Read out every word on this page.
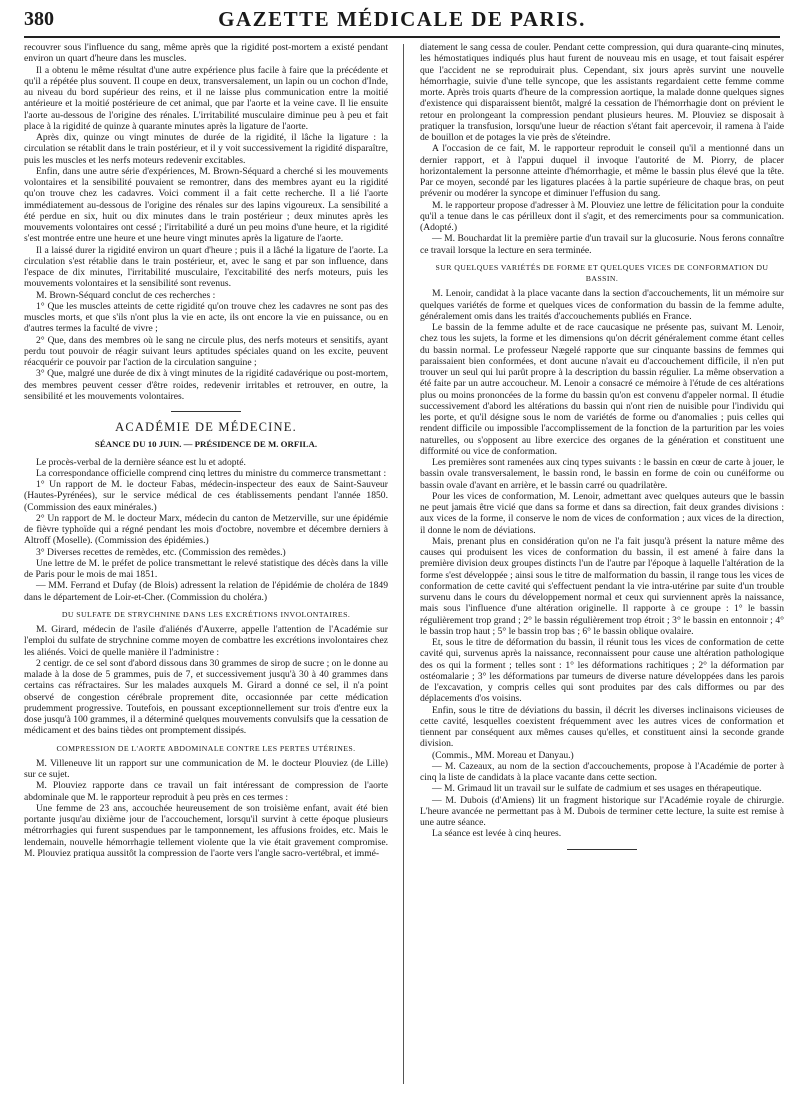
380	GAZETTE MÉDICALE DE PARIS.

recouvrer sous l'influence du sang, même après que la rigidité post-mortem a existé pendant environ un quart d'heure dans les muscles.

Il a obtenu le même résultat d'une autre expérience plus facile à faire que la précédente et qu'il a répétée plus souvent. Il coupe en deux, transversalement, un lapin ou un cochon d'Inde, au niveau du bord supérieur des reins, et il ne laisse plus communication entre la moitié antérieure et la moitié postérieure de cet animal, que par l'aorte et la veine cave. Il lie ensuite l'aorte au-dessous de l'origine des rénales. L'irritabilité musculaire diminue peu à peu et fait place à la rigidité de quinze à quarante minutes après la ligature de l'aorte.

Après dix, quinze ou vingt minutes de durée de la rigidité, il lâche la ligature : la circulation se rétablit dans le train postérieur, et il y voit successivement la rigidité disparaître, puis les muscles et les nerfs moteurs redevenir excitables.

Enfin, dans une autre série d'expériences, M. Brown-Séquard a cherché si les mouvements volontaires et la sensibilité pouvaient se remontrer, dans des membres ayant eu la rigidité qu'on trouve chez les cadavres. Voici comment il a fait cette recherche. Il a lié l'aorte immédiatement au-dessous de l'origine des rénales sur des lapins vigoureux. La sensibilité a été perdue en six, huit ou dix minutes dans le train postérieur ; deux minutes après les mouvements volontaires ont cessé ; l'irritabilité a duré un peu moins d'une heure, et la rigidité s'est montrée entre une heure et une heure vingt minutes après la ligature de l'aorte.

Il a laissé durer la rigidité environ un quart d'heure ; puis il a lâché la ligature de l'aorte. La circulation s'est rétablie dans le train postérieur, et, avec le sang et par son influence, dans l'espace de dix minutes, l'irritabilité musculaire, l'excitabilité des nerfs moteurs, puis les mouvements volontaires et la sensibilité sont revenus.

M. Brown-Séquard conclut de ces recherches :

1° Que les muscles atteints de cette rigidité qu'on trouve chez les cadavres ne sont pas des muscles morts, et que s'ils n'ont plus la vie en acte, ils ont encore la vie en puissance, ou en d'autres termes la faculté de vivre ;

2° Que, dans des membres où le sang ne circule plus, des nerfs moteurs et sensitifs, ayant perdu tout pouvoir de réagir suivant leurs aptitudes spéciales quand on les excite, peuvent réacquérir ce pouvoir par l'action de la circulation sanguine ;

3° Que, malgré une durée de dix à vingt minutes de la rigidité cadavérique ou post-mortem, des membres peuvent cesser d'être roides, redevenir irritables et retrouver, en outre, la sensibilité et les mouvements volontaires.

ACADÉMIE DE MÉDECINE.

SÉANCE DU 10 JUIN. — PRÉSIDENCE DE M. ORFILA.

Le procès-verbal de la dernière séance est lu et adopté.

La correspondance officielle comprend cinq lettres du ministre du commerce transmettant :

1° Un rapport de M. le docteur Fabas, médecin-inspecteur des eaux de Saint-Sauveur (Hautes-Pyrénées), sur le service médical de ces établissements pendant l'année 1850. (Commission des eaux minérales.)

2° Un rapport de M. le docteur Marx, médecin du canton de Metzerville, sur une épidémie de fièvre typhoïde qui a régné pendant les mois d'octobre, novembre et décembre derniers à Altroff (Moselle). (Commission des épidémies.)

3° Diverses recettes de remèdes, etc. (Commission des remèdes.)

Une lettre de M. le préfet de police transmettant le relevé statistique des décès dans la ville de Paris pour le mois de mai 1851.

— MM. Ferrand et Dufay (de Blois) adressent la relation de l'épidémie de choléra de 1849 dans le département de Loir-et-Cher. (Commission du choléra.)

DU SULFATE DE STRYCHNINE DANS LES EXCRÉTIONS INVOLONTAIRES.

M. Girard, médecin de l'asile d'aliénés d'Auxerre, appelle l'attention de l'Académie sur l'emploi du sulfate de strychnine comme moyen de combattre les excrétions involontaires chez les aliénés. Voici de quelle manière il l'administre :

2 centigr. de ce sel sont d'abord dissous dans 30 grammes de sirop de sucre ; on le donne au malade à la dose de 5 grammes, puis de 7, et successivement jusqu'à 30 à 40 grammes dans certains cas réfractaires. Sur les malades auxquels M. Girard a donné ce sel, il n'a point observé de congestion cérébrale proprement dite, occasionnée par cette médication prudemment progressive. Toutefois, en poussant exceptionnellement sur trois d'entre eux la dose jusqu'à 100 grammes, il a déterminé quelques mouvements convulsifs que la cessation de médicament et des bains tièdes ont promptement dissipés.

COMPRESSION DE L'AORTE ABDOMINALE CONTRE LES PERTES UTÉRINES.

M. Villeneuve lit un rapport sur une communication de M. le docteur Plouviez (de Lille) sur ce sujet.

M. Plouviez rapporte dans ce travail un fait intéressant de compression de l'aorte abdominale que M. le rapporteur reproduit à peu près en ces termes :

Une femme de 23 ans, accouchée heureusement de son troisième enfant, avait été bien portante jusqu'au dixième jour de l'accouchement, lorsqu'il survint à cette époque plusieurs métrorrhagies qui furent suspendues par le tamponnement, les affusions froides, etc. Mais le lendemain, nouvelle hémorrhagie tellement violente que la vie était gravement compromise. M. Plouviez pratiqua aussitôt la compression de l'aorte vers l'angle sacro-vertébral, et immé-

diatement le sang cessa de couler. Pendant cette compression, qui dura quarante-cinq minutes, les hémostatiques indiqués plus haut furent de nouveau mis en usage, et tout faisait espérer que l'accident ne se reproduirait plus. Cependant, six jours après survint une nouvelle hémorrhagie, suivie d'une telle syncope, que les assistants regardaient cette femme comme morte. Après trois quarts d'heure de la compression aortique, la malade donne quelques signes d'existence qui disparaissent bientôt, malgré la cessation de l'hémorrhagie dont on prévient le retour en prolongeant la compression pendant plusieurs heures. M. Plouviez se disposait à pratiquer la transfusion, lorsqu'une lueur de réaction s'étant fait apercevoir, il ramena à l'aide de bouillon et de potages la vie près de s'éteindre.

A l'occasion de ce fait, M. le rapporteur reproduit le conseil qu'il a mentionné dans un dernier rapport, et à l'appui duquel il invoque l'autorité de M. Piorry, de placer horizontalement la personne atteinte d'hémorrhagie, et même le bassin plus élevé que la tête. Par ce moyen, secondé par les ligatures placées à la partie supérieure de chaque bras, on peut prévenir ou modérer la syncope et diminuer l'effusion du sang.

M. le rapporteur propose d'adresser à M. Plouviez une lettre de félicitation pour la conduite qu'il a tenue dans le cas périlleux dont il s'agit, et des remerciments pour sa communication. (Adopté.)

— M. Bouchardat lit la première partie d'un travail sur la glucosurie. Nous ferons connaître ce travail lorsque la lecture en sera terminée.

SUR QUELQUES VARIÉTÉS DE FORME ET QUELQUES VICES DE CONFORMATION DU BASSIN.

M. Lenoir, candidat à la place vacante dans la section d'accouchements, lit un mémoire sur quelques variétés de forme et quelques vices de conformation du bassin de la femme adulte, généralement omis dans les traités d'accouchements publiés en France.

Le bassin de la femme adulte et de race caucasique ne présente pas, suivant M. Lenoir, chez tous les sujets, la forme et les dimensions qu'on décrit généralement comme étant celles du bassin normal. Le professeur Nægelé rapporte que sur cinquante bassins de femmes qui paraissaient bien conformées, et dont aucune n'avait eu d'accouchement difficile, il n'en put trouver un seul qui lui parût propre à la description du bassin régulier. La même observation a été faite par un autre accoucheur. M. Lenoir a consacré ce mémoire à l'étude de ces altérations plus ou moins prononcées de la forme du bassin qu'on est convenu d'appeler normal. Il étudie successivement d'abord les altérations du bassin qui n'ont rien de nuisible pour l'individu qui les porte, et qu'il désigne sous le nom de variétés de forme ou d'anomalies ; puis celles qui rendent difficile ou impossible l'accomplissement de la fonction de la parturition par les voies naturelles, ou s'opposent au libre exercice des organes de la génération et constituent une difformité ou vice de conformation.

Les premières sont ramenées aux cinq types suivants : le bassin en cœur de carte à jouer, le bassin ovale transversalement, le bassin rond, le bassin en forme de coin ou cunéiforme ou bassin ovale d'avant en arrière, et le bassin carré ou quadrilatère.

Pour les vices de conformation, M. Lenoir, admettant avec quelques auteurs que le bassin ne peut jamais être vicié que dans sa forme et dans sa direction, fait deux grandes divisions : aux vices de la forme, il conserve le nom de vices de conformation ; aux vices de la direction, il donne le nom de déviations.

Mais, prenant plus en considération qu'on ne l'a fait jusqu'à présent la nature même des causes qui produisent les vices de conformation du bassin, il est amené à faire dans la première division deux groupes distincts l'un de l'autre par l'époque à laquelle l'altération de la forme s'est développée ; ainsi sous le titre de malformation du bassin, il range tous les vices de conformation de cette cavité qui s'effectuent pendant la vie intra-utérine par suite d'un trouble survenu dans le cours du développement normal et ceux qui surviennent après la naissance, mais sous l'influence d'une altération originelle. Il rapporte à ce groupe : 1° le bassin régulièrement trop grand ; 2° le bassin régulièrement trop étroit ; 3° le bassin en entonnoir ; 4° le bassin trop haut ; 5° le bassin trop bas ; 6° le bassin oblique ovalaire.

Et, sous le titre de déformation du bassin, il réunit tous les vices de conformation de cette cavité qui, survenus après la naissance, reconnaissent pour cause une altération pathologique des os qui la forment ; telles sont : 1° les déformations rachitiques ; 2° la déformation par ostéomalarie ; 3° les déformations par tumeurs de diverse nature développées dans les parois de l'excavation, y compris celles qui sont produites par des cals difformes ou par des déplacements d'os voisins.

Enfin, sous le titre de déviations du bassin, il décrit les diverses inclinaisons vicieuses de cette cavité, lesquelles coexistent fréquemment avec les autres vices de conformation et tiennent par conséquent aux mêmes causes qu'elles, et constituent ainsi la seconde grande division.

(Commis., MM. Moreau et Danyau.)

— M. Cazeaux, au nom de la section d'accouchements, propose à l'Académie de porter à cinq la liste de candidats à la place vacante dans cette section.

— M. Grimaud lit un travail sur le sulfate de cadmium et ses usages en thérapeutique.

— M. Dubois (d'Amiens) lit un fragment historique sur l'Académie royale de chirurgie. L'heure avancée ne permettant pas à M. Dubois de terminer cette lecture, la suite est remise à une autre séance.

La séance est levée à cinq heures.
